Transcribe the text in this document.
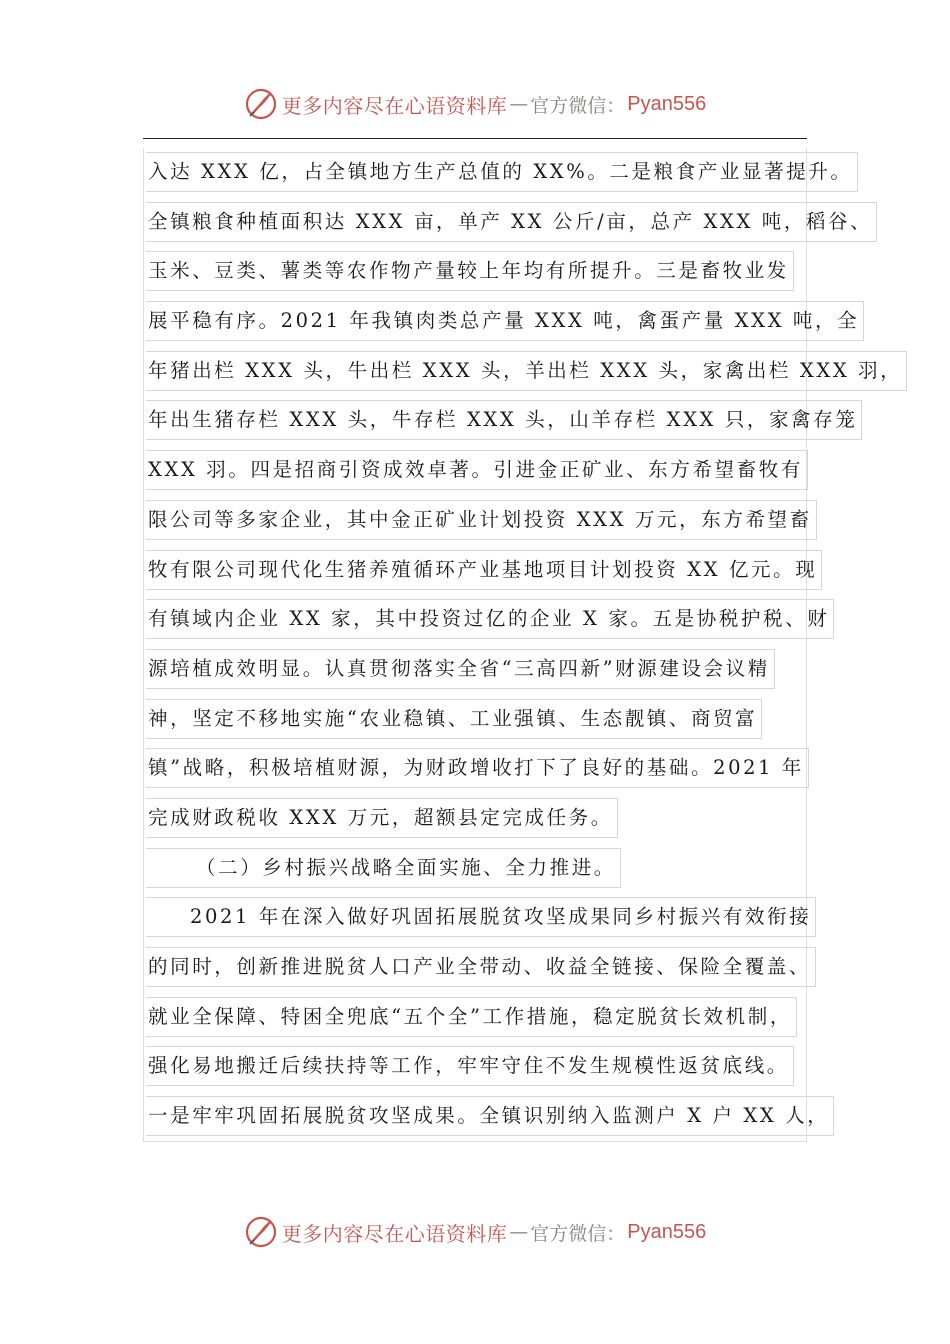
更多内容尽在心语资料库 — 官方微信： Pyan556
入达 XXX 亿，占全镇地方生产总值的 XX%。二是粮食产业显著提升。
全镇粮食种植面积达 XXX 亩，单产 XX 公斤/亩，总产 XXX 吨，稻谷、
玉米、豆类、薯类等农作物产量较上年均有所提升。三是畜牧业发
展平稳有序。2021 年我镇肉类总产量 XXX 吨，禽蛋产量 XXX 吨，全
年猪出栏 XXX 头，牛出栏 XXX 头，羊出栏 XXX 头，家禽出栏 XXX 羽，
年出生猪存栏 XXX 头，牛存栏 XXX 头，山羊存栏 XXX 只，家禽存笼
XXX 羽。四是招商引资成效卓著。引进金正矿业、东方希望畜牧有
限公司等多家企业，其中金正矿业计划投资 XXX 万元，东方希望畜
牧有限公司现代化生猪养殖循环产业基地项目计划投资 XX 亿元。现
有镇域内企业 XX 家，其中投资过亿的企业 X 家。五是协税护税、财
源培植成效明显。认真贯彻落实全省“三高四新”财源建设会议精
神，坚定不移地实施“农业稳镇、工业强镇、生态靓镇、商贸富
镇”战略，积极培植财源，为财政增收打下了良好的基础。2021 年
完成财政税收 XXX 万元，超额县定完成任务。
（二）乡村振兴战略全面实施、全力推进。
2021 年在深入做好巩固拓展脱贫攻坚成果同乡村振兴有效衔接
的同时，创新推进脱贫人口产业全带动、收益全链接、保险全覆盖、
就业全保障、特困全兜底“五个全”工作措施，稳定脱贫长效机制，
强化易地搬迁后续扶持等工作，牢牢守住不发生规模性返贫底线。
一是牢牢巩固拓展脱贫攻坚成果。全镇识别纳入监测户 X 户 XX 人，
更多内容尽在心语资料库 — 官方微信： Pyan556
